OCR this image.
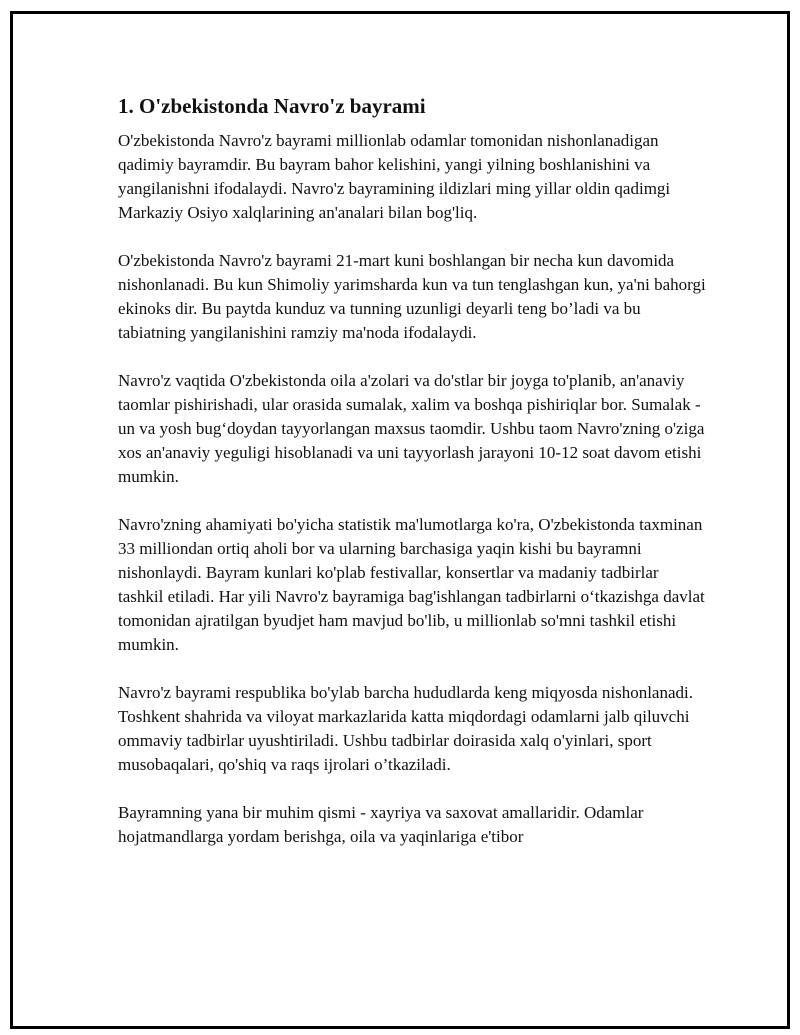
1. O'zbekistonda Navro'z bayrami

O'zbekistonda Navro'z bayrami millionlab odamlar tomonidan nishonlanadigan qadimiy bayramdir. Bu bayram bahor kelishini, yangi yilning boshlanishini va yangilanishni ifodalaydi. Navro'z bayramining ildizlari ming yillar oldin qadimgi Markaziy Osiyo xalqlarining an'analari bilan bog'liq.

O'zbekistonda Navro'z bayrami 21-mart kuni boshlangan bir necha kun davomida nishonlanadi. Bu kun Shimoliy yarimsharda kun va tun tenglashgan kun, ya'ni bahorgi ekinoks dir. Bu paytda kunduz va tunning uzunligi deyarli teng bo’ladi va bu tabiatning yangilanishini ramziy ma'noda ifodalaydi.

Navro'z vaqtida O'zbekistonda oila a'zolari va do'stlar bir joyga to'planib, an'anaviy taomlar pishirishadi, ular orasida sumalak, xalim va boshqa pishiriqlar bor. Sumalak - un va yosh bug‘doydan tayyorlangan maxsus taomdir. Ushbu taom Navro'zning o'ziga xos an'anaviy yeguligi hisoblanadi va uni tayyorlash jarayoni 10-12 soat davom etishi mumkin.

Navro'zning ahamiyati bo'yicha statistik ma'lumotlarga ko'ra, O'zbekistonda taxminan 33 milliondan ortiq aholi bor va ularning barchasiga yaqin kishi bu bayramni nishonlaydi. Bayram kunlari ko'plab festivallar, konsertlar va madaniy tadbirlar tashkil etiladi. Har yili Navro'z bayramiga bag'ishlangan tadbirlarni o‘tkazishga davlat tomonidan ajratilgan byudjet ham mavjud bo'lib, u millionlab so'mni tashkil etishi mumkin.

Navro'z bayrami respublika bo'ylab barcha hududlarda keng miqyosda nishonlanadi. Toshkent shahrida va viloyat markazlarida katta miqdordagi odamlarni jalb qiluvchi ommaviy tadbirlar uyushtiriladi. Ushbu tadbirlar doirasida xalq o'yinlari, sport musobaqalari, qo'shiq va raqs ijrolari o’tkaziladi.

Bayramning yana bir muhim qismi - xayriya va saxovat amallaridir. Odamlar hojatmandlarga yordam berishga, oila va yaqinlariga e'tibor
